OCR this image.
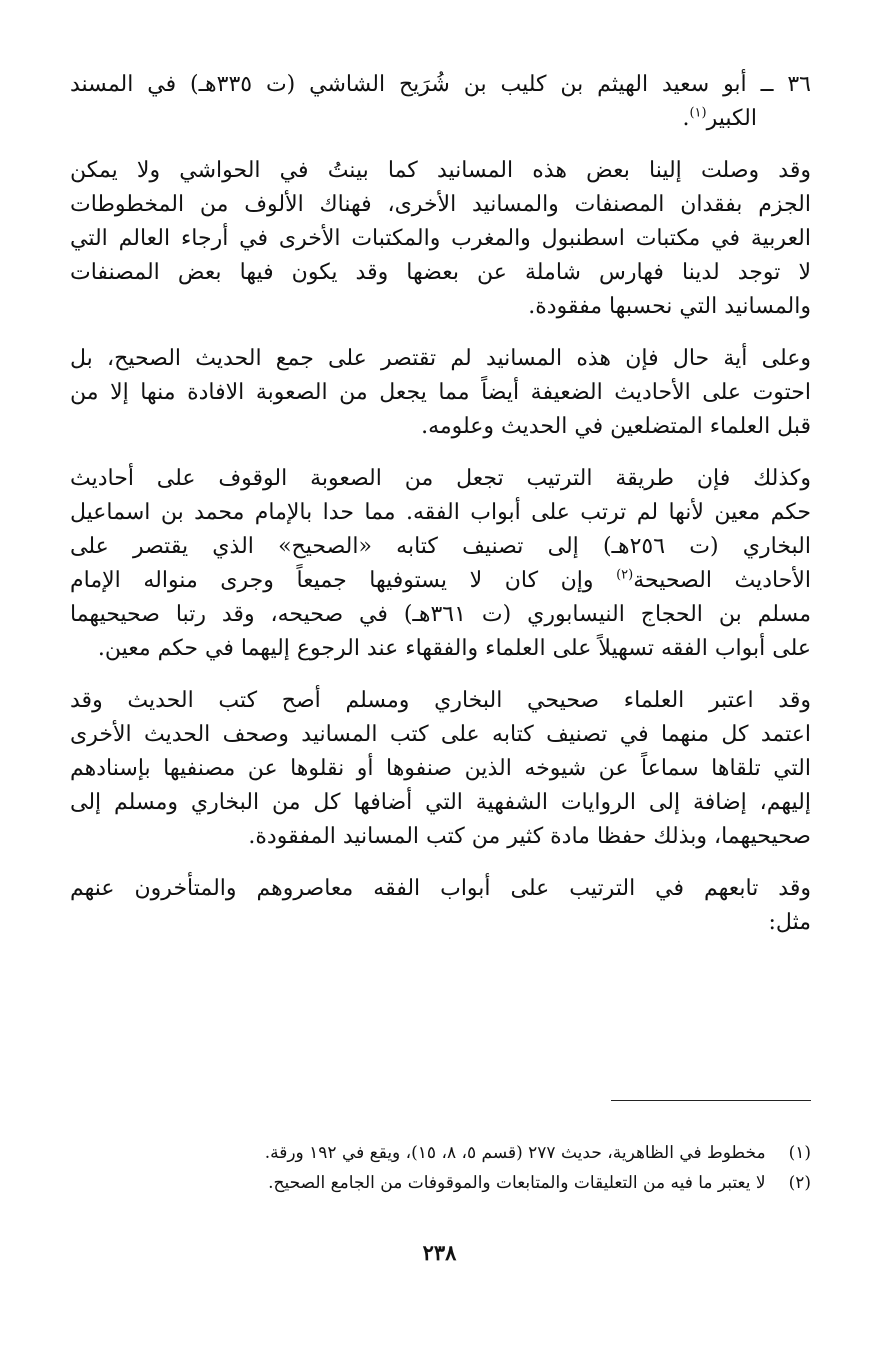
٣٦ ــ أبو سعيد الهيثم بن كليب بن شُرَيح الشاشي (ت ٣٣٥هـ) في المسند
الكبير$^{(١)}$.
وقد وصلت إلينا بعض هذه المسانيد كما بينتُ في الحواشي ولا يمكن
الجزم بفقدان المصنفات والمسانيد الأخرى، فهناك الألوف من المخطوطات
العربية في مكتبات اسطنبول والمغرب والمكتبات الأخرى في أرجاء العالم التي
لا توجد لدينا فهارس شاملة عن بعضها وقد يكون فيها بعض المصنفات
والمسانيد التي نحسبها مفقودة.
وعلى أية حال فإن هذه المسانيد لم تقتصر على جمع الحديث الصحيح، بل
احتوت على الأحاديث الضعيفة أيضاً مما يجعل من الصعوبة الافادة منها إلا من
قبل العلماء المتضلعين في الحديث وعلومه.
وكذلك فإن طريقة الترتيب تجعل من الصعوبة الوقوف على أحاديث
حكم معين لأنها لم ترتب على أبواب الفقه. مما حدا بالإمام محمد بن اسماعيل
البخاري (ت ٢٥٦هـ) إلى تصنيف كتابه «الصحيح» الذي يقتصر على
الأحاديث الصحيحة$^{(٢)}$ وإن كان لا يستوفيها جميعاً وجرى منواله الإمام
مسلم بن الحجاج النيسابوري (ت ٣٦١هـ) في صحيحه، وقد رتبا صحيحيهما
على أبواب الفقه تسهيلاً على العلماء والفقهاء عند الرجوع إليهما في حكم معين.
وقد اعتبر العلماء صحيحي البخاري ومسلم أصح كتب الحديث وقد
اعتمد كل منهما في تصنيف كتابه على كتب المسانيد وصحف الحديث الأخرى
التي تلقاها سماعاً عن شيوخه الذين صنفوها أو نقلوها عن مصنفيها بإسنادهم
إليهم، إضافة إلى الروايات الشفهية التي أضافها كل من البخاري ومسلم إلى
صحيحيهما، وبذلك حفظا مادة كثير من كتب المسانيد المفقودة.
وقد تابعهم في الترتيب على أبواب الفقه معاصروهم والمتأخرون عنهم
مثل:
(١) مخطوط في الظاهرية، حديث ٢٧٧ (قسم ٥، ٨، ١٥)، ويقع في ١٩٢ ورقة.
(٢) لا يعتبر ما فيه من التعليقات والمتابعات والموقوفات من الجامع الصحيح.
٢٣٨
